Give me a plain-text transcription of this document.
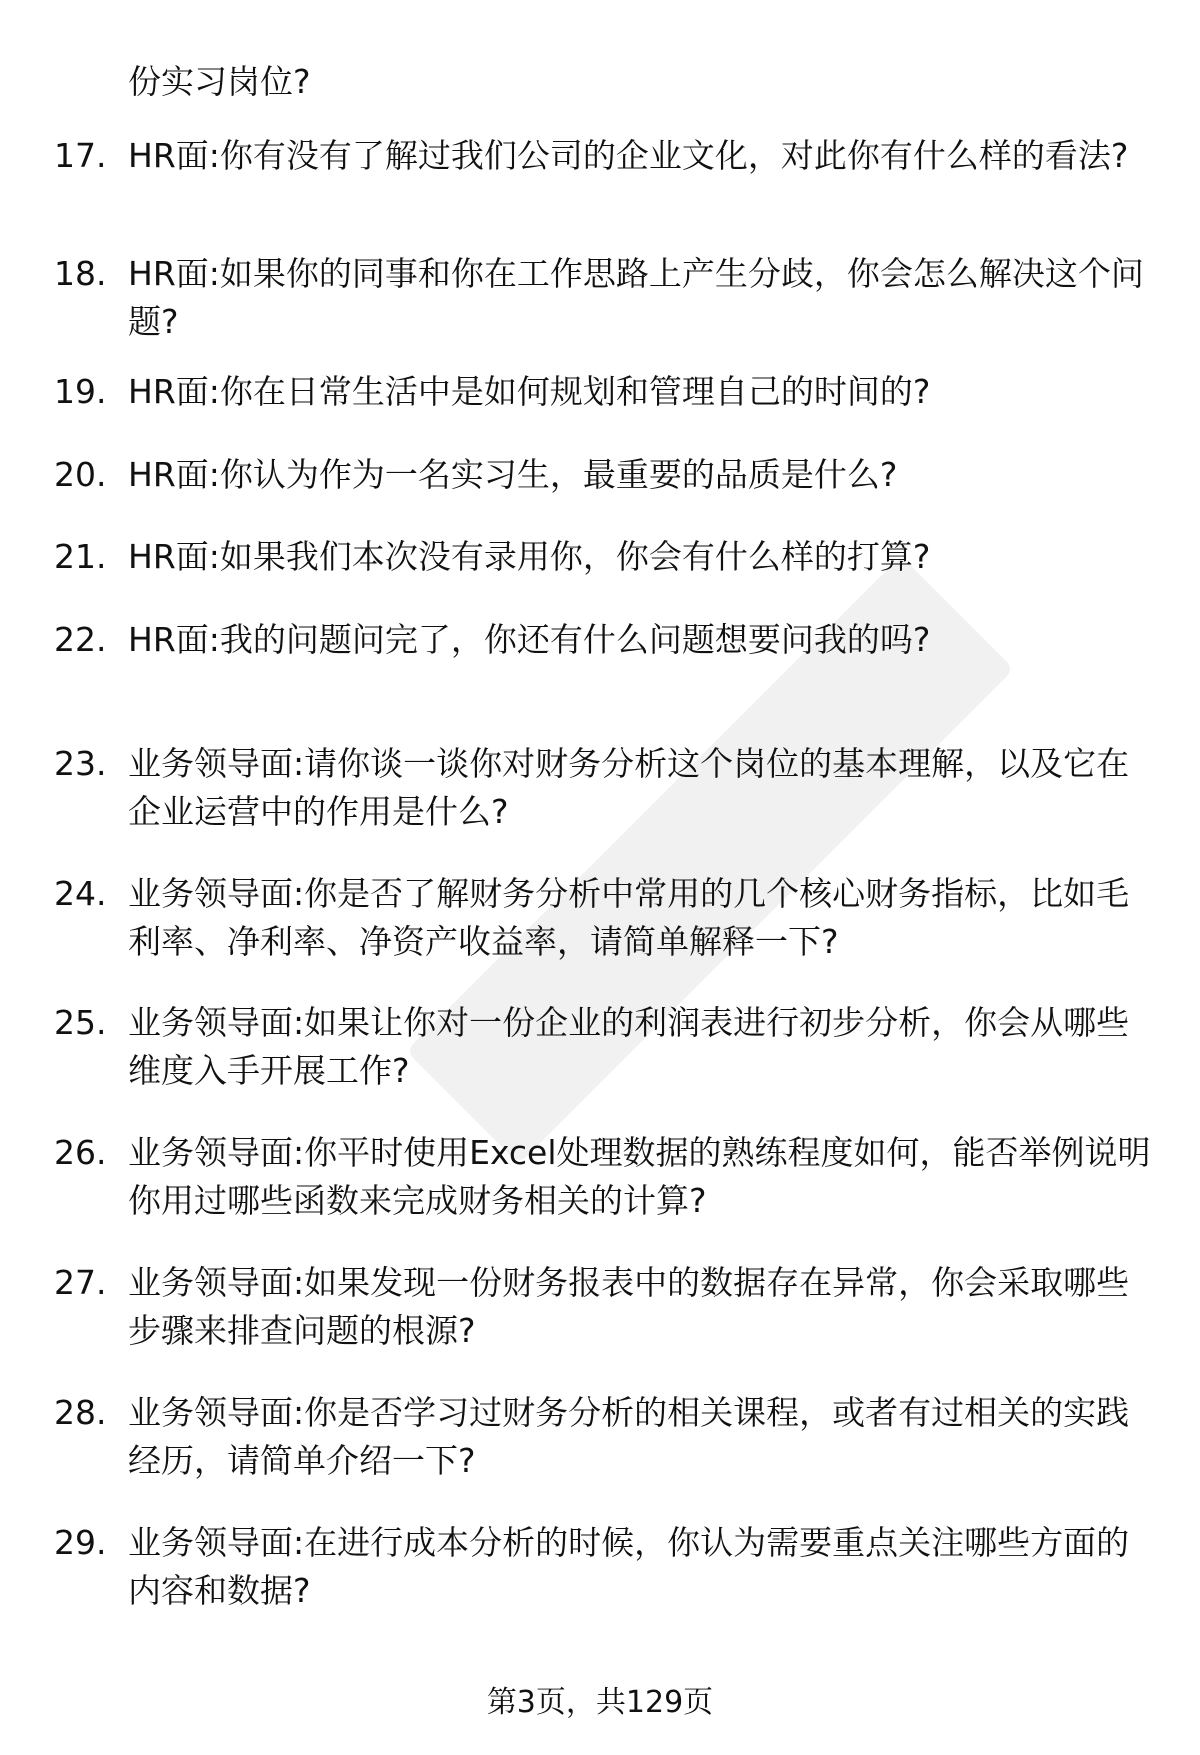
份实习岗位?
17. HR面:你有没有了解过我们公司的企业文化，对此你有什么样的看法?
18. HR面:如果你的同事和你在工作思路上产生分歧，你会怎么解决这个问题?
19. HR面:你在日常生活中是如何规划和管理自己的时间的?
20. HR面:你认为作为一名实习生，最重要的品质是什么?
21. HR面:如果我们本次没有录用你，你会有什么样的打算?
22. HR面:我的问题问完了，你还有什么问题想要问我的吗?
23. 业务领导面:请你谈一谈你对财务分析这个岗位的基本理解，以及它在企业运营中的作用是什么?
24. 业务领导面:你是否了解财务分析中常用的几个核心财务指标，比如毛利率、净利率、净资产收益率，请简单解释一下?
25. 业务领导面:如果让你对一份企业的利润表进行初步分析，你会从哪些维度入手开展工作?
26. 业务领导面:你平时使用Excel处理数据的熟练程度如何，能否举例说明你用过哪些函数来完成财务相关的计算?
27. 业务领导面:如果发现一份财务报表中的数据存在异常，你会采取哪些步骤来排查问题的根源?
28. 业务领导面:你是否学习过财务分析的相关课程，或者有过相关的实践经历，请简单介绍一下?
29. 业务领导面:在进行成本分析的时候，你认为需要重点关注哪些方面的内容和数据?
第3页，共129页
